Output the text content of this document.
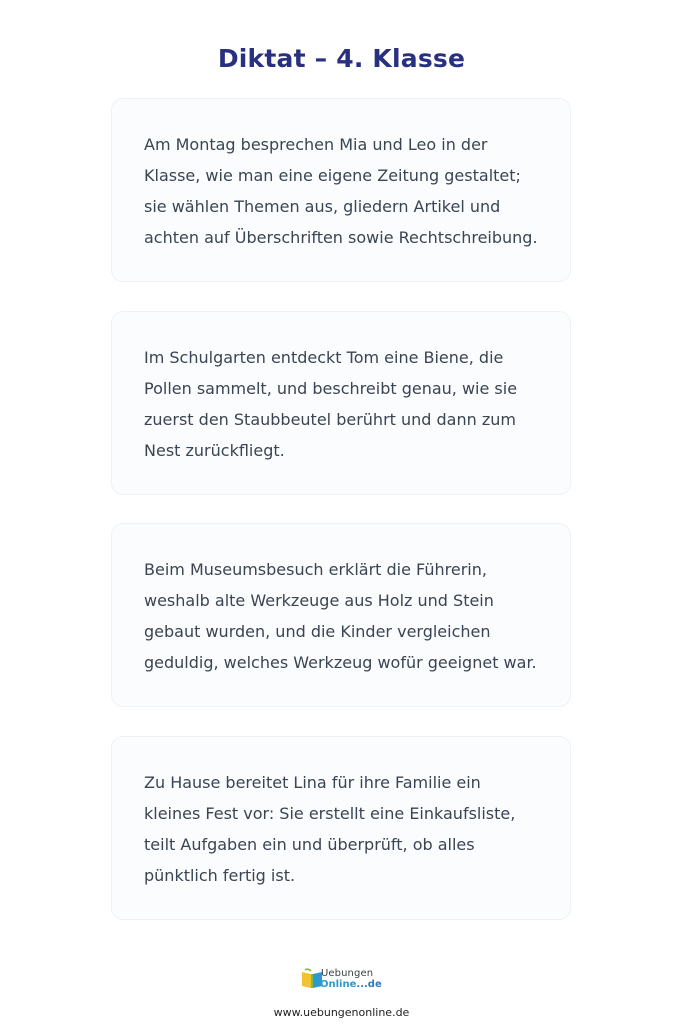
Diktat – 4. Klasse

Am Montag besprechen Mia und Leo in der Klasse, wie man eine eigene Zeitung gestaltet; sie wählen Themen aus, gliedern Artikel und achten auf Überschriften sowie Rechtschreibung.

Im Schulgarten entdeckt Tom eine Biene, die Pollen sammelt, und beschreibt genau, wie sie zuerst den Staubbeutel berührt und dann zum Nest zurückfliegt.

Beim Museumsbesuch erklärt die Führerin, weshalb alte Werkzeuge aus Holz und Stein gebaut wurden, und die Kinder vergleichen geduldig, welches Werkzeug wofür geeignet war.

Zu Hause bereitet Lina für ihre Familie ein kleines Fest vor: Sie erstellt eine Einkaufsliste, teilt Aufgaben ein und überprüft, ob alles pünktlich fertig ist.

Uebungen
Online...de
www.uebungenonline.de
